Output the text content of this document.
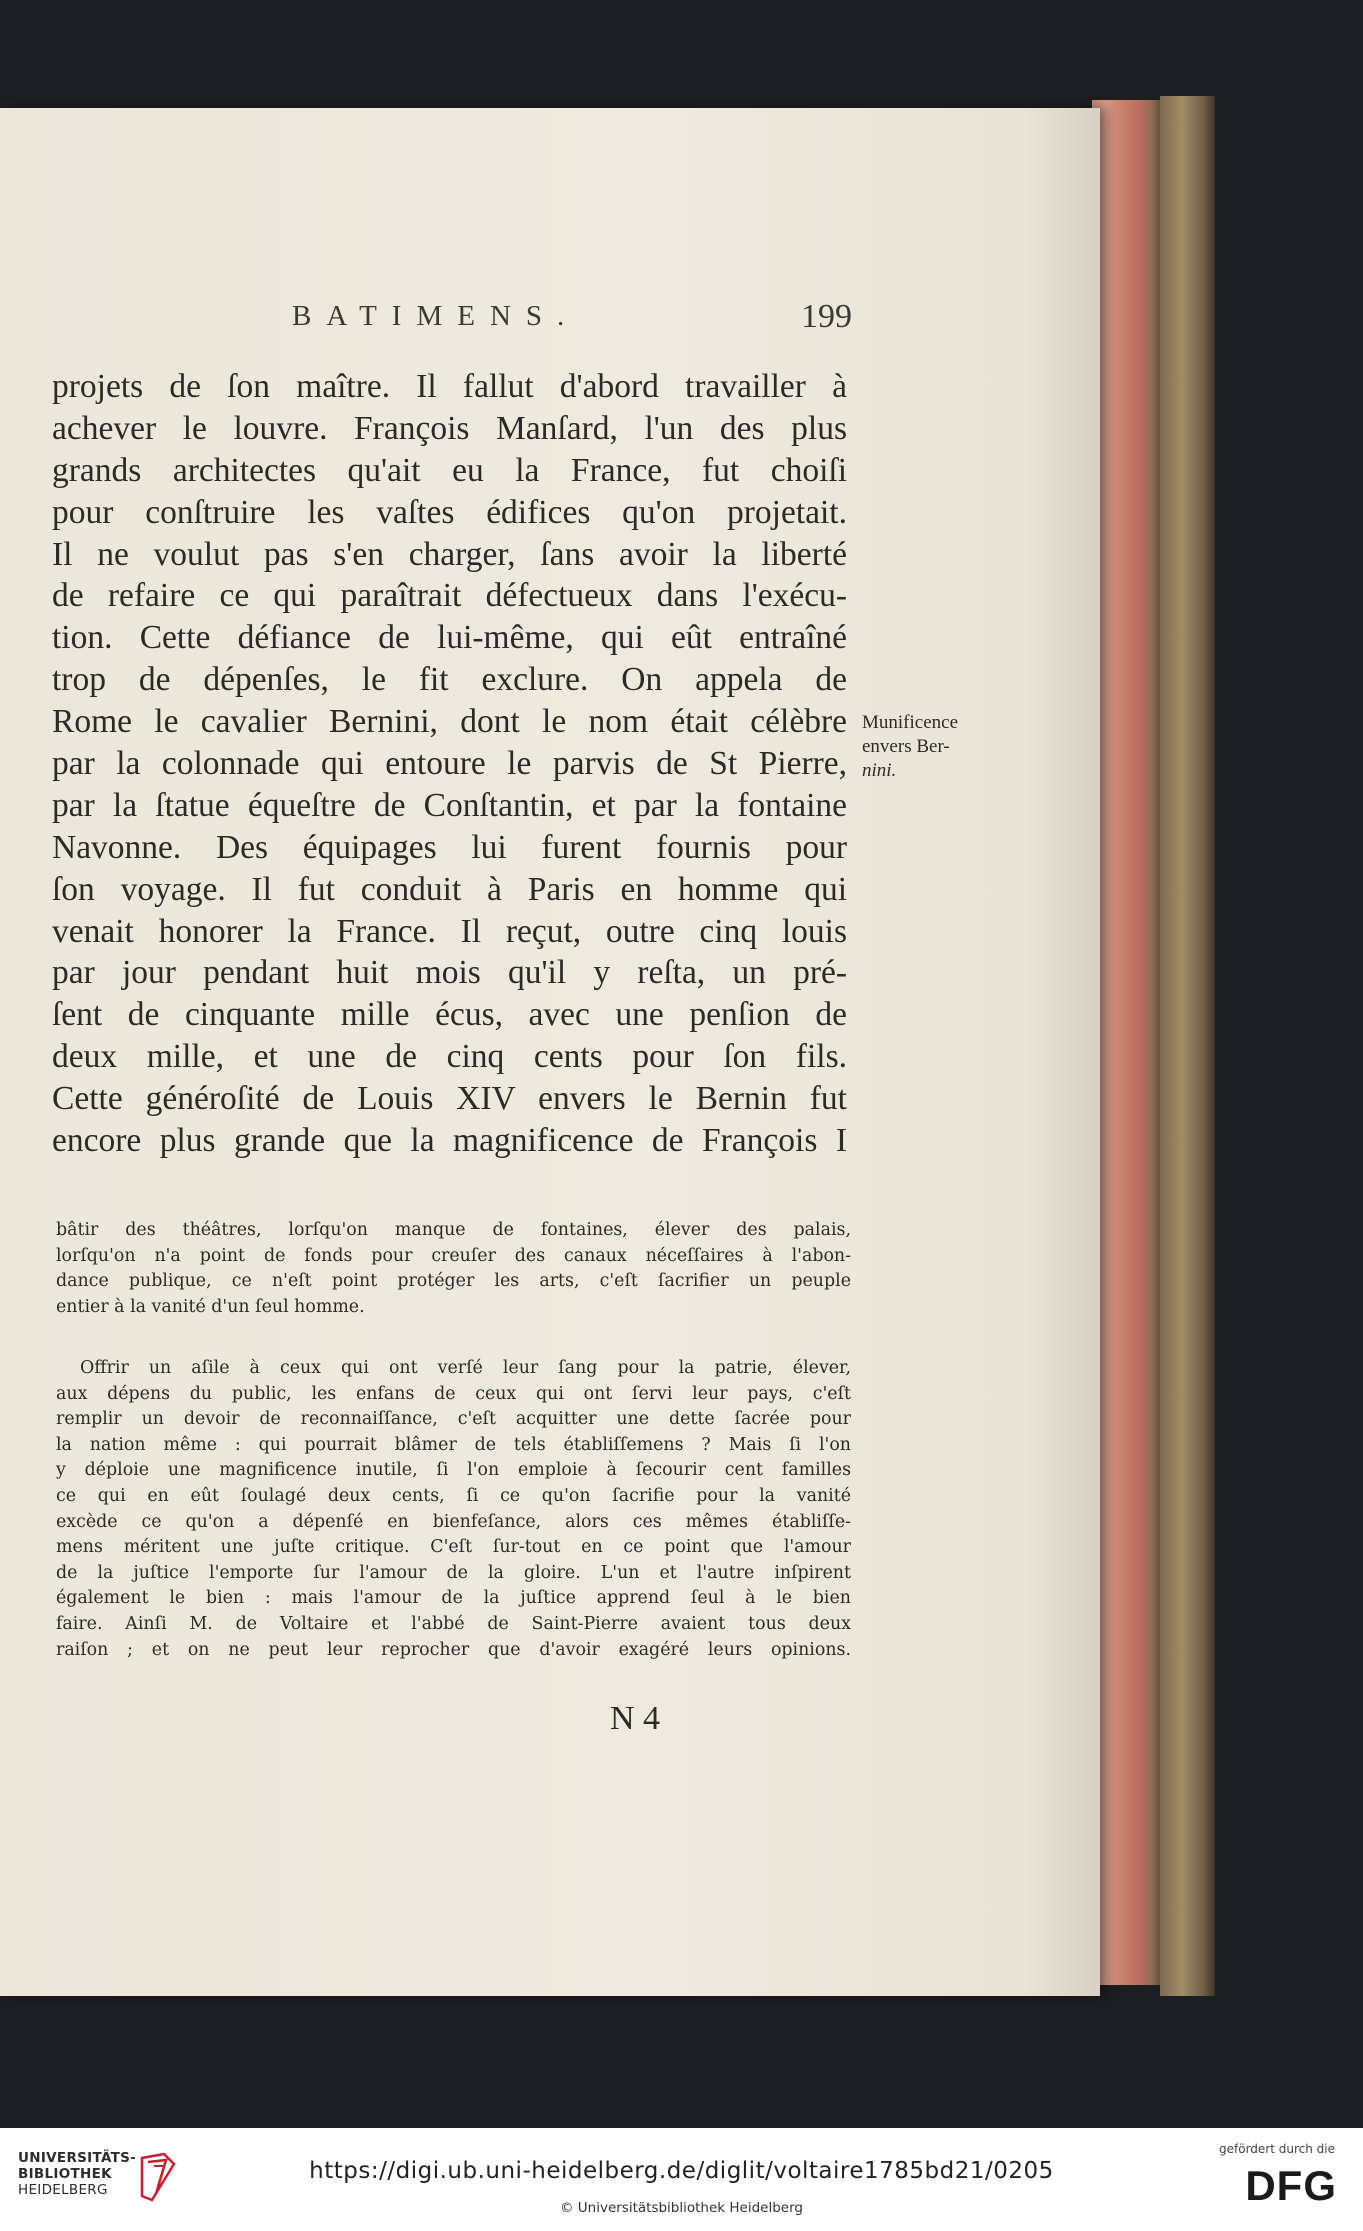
BATIMENS.	199
projets de ſon maître. Il fallut d'abord travailler à
achever le louvre. François Manſard, l'un des plus
grands architectes qu'ait eu la France, fut choiſi
pour conſtruire les vaſtes édifices qu'on projetait.
Il ne voulut pas s'en charger, ſans avoir la liberté
de refaire ce qui paraîtrait défectueux dans l'exécu-
tion. Cette défiance de lui-même, qui eût entraîné
trop de dépenſes, le fit exclure. On appela de
Rome le cavalier Bernini, dont le nom était célèbre
par la colonnade qui entoure le parvis de St Pierre,
par la ſtatue équeſtre de Conſtantin, et par la fontaine
Navonne. Des équipages lui furent fournis pour
ſon voyage. Il fut conduit à Paris en homme qui
venait honorer la France. Il reçut, outre cinq louis
par jour pendant huit mois qu'il y reſta, un pré-
ſent de cinquante mille écus, avec une penſion de
deux mille, et une de cinq cents pour ſon fils.
Cette généroſité de Louis XIV envers le Bernin fut
encore plus grande que la magnificence de François I
Munificence
envers Ber-
nini.
bâtir des théâtres, lorſqu'on manque de fontaines, élever des palais,
lorſqu'on n'a point de fonds pour creuſer des canaux néceſſaires à l'abon-
dance publique, ce n'eſt point protéger les arts, c'eſt ſacrifier un peuple
entier à la vanité d'un ſeul homme.
Offrir un aſile à ceux qui ont verſé leur ſang pour la patrie, élever,
aux dépens du public, les enfans de ceux qui ont ſervi leur pays, c'eſt
remplir un devoir de reconnaiſſance, c'eſt acquitter une dette ſacrée pour
la nation même : qui pourrait blâmer de tels établiſſemens ? Mais ſi l'on
y déploie une magnificence inutile, ſi l'on emploie à ſecourir cent familles
ce qui en eût ſoulagé deux cents, ſi ce qu'on ſacrifie pour la vanité
excède ce qu'on a dépenſé en bienfeſance, alors ces mêmes établiſſe-
mens méritent une juſte critique. C'eſt ſur-tout en ce point que l'amour
de la juſtice l'emporte ſur l'amour de la gloire. L'un et l'autre inſpirent
également le bien : mais l'amour de la juſtice apprend ſeul à le bien
faire. Ainſi M. de Voltaire et l'abbé de Saint-Pierre avaient tous deux
raiſon ; et on ne peut leur reprocher que d'avoir exagéré leurs opinions.
N 4
UNIVERSITÄTS-
BIBLIOTHEK
HEIDELBERG
https://digi.ub.uni-heidelberg.de/diglit/voltaire1785bd21/0205
© Universitätsbibliothek Heidelberg
gefördert durch die
DFG
